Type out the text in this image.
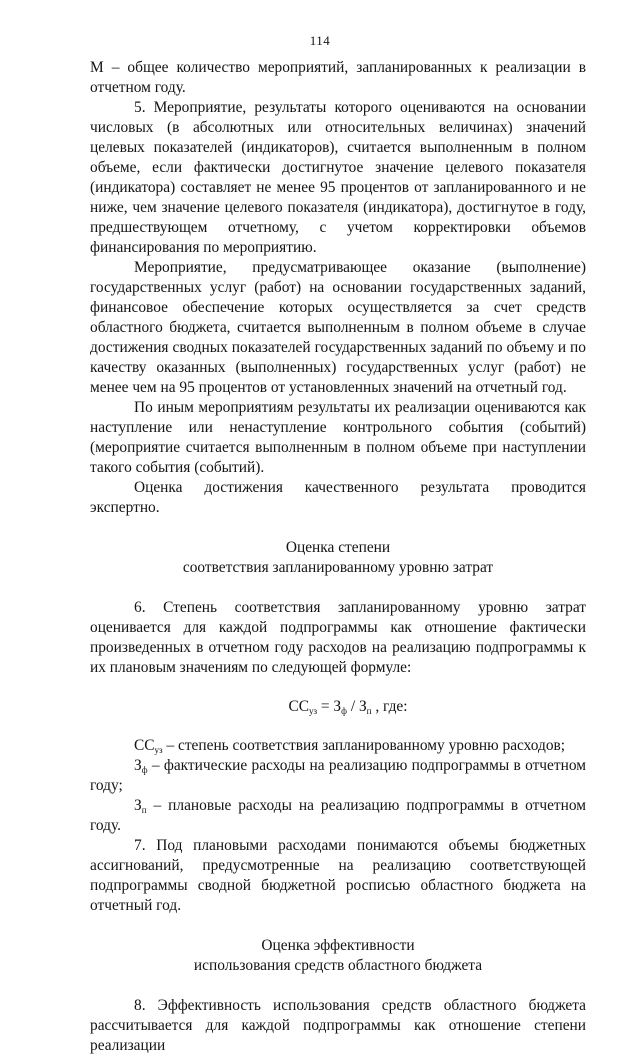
114

М – общее количество мероприятий, запланированных к реализации в отчетном году.

5. Мероприятие, результаты которого оцениваются на основании числовых (в абсолютных или относительных величинах) значений целевых показателей (индикаторов), считается выполненным в полном объеме, если фактически достигнутое значение целевого показателя (индикатора) составляет не менее 95 процентов от запланированного и не ниже, чем значение целевого показателя (индикатора), достигнутое в году, предшествующем отчетному, с учетом корректировки объемов финансирования по мероприятию.

Мероприятие, предусматривающее оказание (выполнение) государственных услуг (работ) на основании государственных заданий, финансовое обеспечение которых осуществляется за счет средств областного бюджета, считается выполненным в полном объеме в случае достижения сводных показателей государственных заданий по объему и по качеству оказанных (выполненных) государственных услуг (работ) не менее чем на 95 процентов от установленных значений на отчетный год.

По иным мероприятиям результаты их реализации оцениваются как наступление или ненаступление контрольного события (событий) (мероприятие считается выполненным в полном объеме при наступлении такого события (событий).

Оценка достижения качественного результата проводится экспертно.

Оценка степени

соответствия запланированному уровню затрат

6. Степень соответствия запланированному уровню затрат оценивается для каждой подпрограммы как отношение фактически произведенных в отчетном году расходов на реализацию подпрограммы к их плановым значениям по следующей формуле:

$СС_{уз} = З_ф / З_п$ , где:

$СС_{уз}$ – степень соответствия запланированному уровню расходов;

$З_ф$ – фактические расходы на реализацию подпрограммы в отчетном году;

$З_п$ – плановые расходы на реализацию подпрограммы в отчетном году.

7. Под плановыми расходами понимаются объемы бюджетных ассигнований, предусмотренные на реализацию соответствующей подпрограммы сводной бюджетной росписью областного бюджета на отчетный год.

Оценка эффективности

использования средств областного бюджета

8. Эффективность использования средств областного бюджета рассчитывается для каждой подпрограммы как отношение степени реализации
